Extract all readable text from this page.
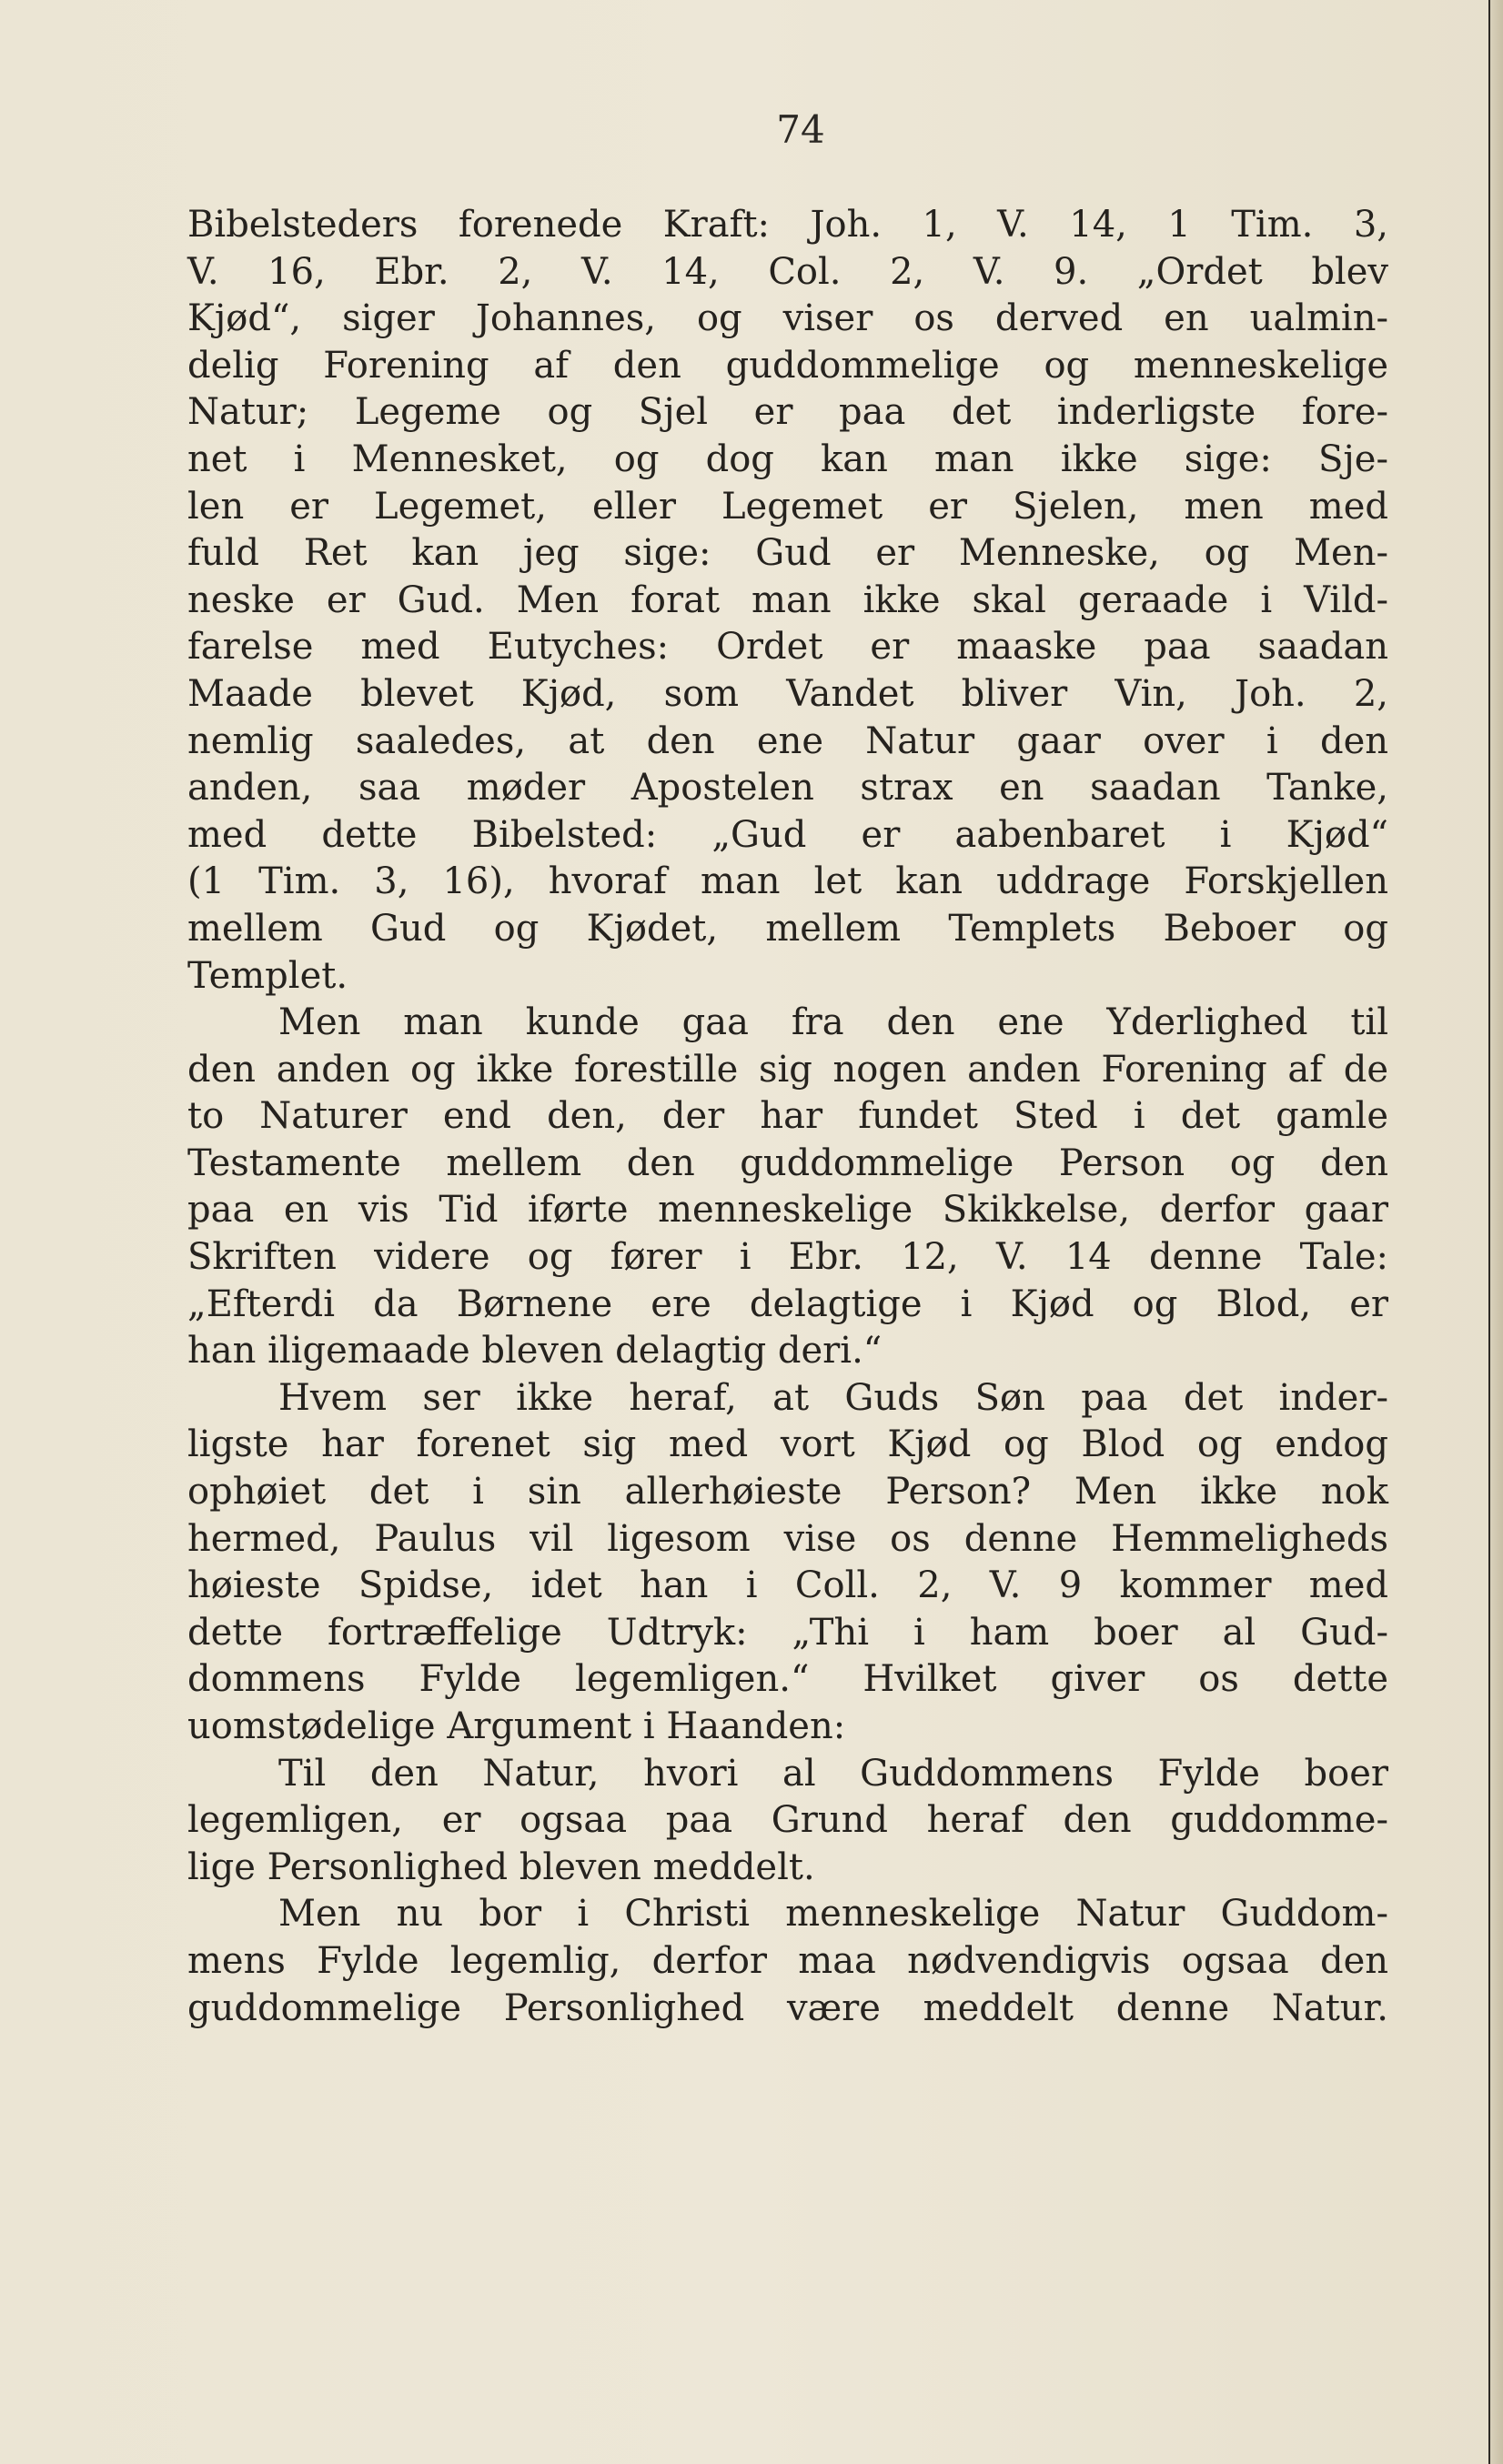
74
Bibelsteders forenede Kraft: Joh. 1, V. 14, 1 Tim. 3,
V. 16, Ebr. 2, V. 14, Col. 2, V. 9. „Ordet blev
Kjød“, siger Johannes, og viser os derved en ualmin-
delig Forening af den guddommelige og menneskelige
Natur; Legeme og Sjel er paa det inderligste fore-
net i Mennesket, og dog kan man ikke sige: Sje-
len er Legemet, eller Legemet er Sjelen, men med
fuld Ret kan jeg sige: Gud er Menneske, og Men-
neske er Gud. Men forat man ikke skal geraade i Vild-
farelse med Eutyches: Ordet er maaske paa saadan
Maade blevet Kjød, som Vandet bliver Vin, Joh. 2,
nemlig saaledes, at den ene Natur gaar over i den
anden, saa møder Apostelen strax en saadan Tanke,
med dette Bibelsted: „Gud er aabenbaret i Kjød“
(1 Tim. 3, 16), hvoraf man let kan uddrage Forskjellen
mellem Gud og Kjødet, mellem Templets Beboer og
Templet.
Men man kunde gaa fra den ene Yderlighed til
den anden og ikke forestille sig nogen anden Forening af de
to Naturer end den, der har fundet Sted i det gamle
Testamente mellem den guddommelige Person og den
paa en vis Tid iførte menneskelige Skikkelse, derfor gaar
Skriften videre og fører i Ebr. 12, V. 14 denne Tale:
„Efterdi da Børnene ere delagtige i Kjød og Blod, er
han iligemaade bleven delagtig deri.“
Hvem ser ikke heraf, at Guds Søn paa det inder-
ligste har forenet sig med vort Kjød og Blod og endog
ophøiet det i sin allerhøieste Person? Men ikke nok
hermed, Paulus vil ligesom vise os denne Hemmeligheds
høieste Spidse, idet han i Coll. 2, V. 9 kommer med
dette fortræffelige Udtryk: „Thi i ham boer al Gud-
dommens Fylde legemligen.“ Hvilket giver os dette
uomstødelige Argument i Haanden:
Til den Natur, hvori al Guddommens Fylde boer
legemligen, er ogsaa paa Grund heraf den guddomme-
lige Personlighed bleven meddelt.
Men nu bor i Christi menneskelige Natur Guddom-
mens Fylde legemlig, derfor maa nødvendigvis ogsaa den
guddommelige Personlighed være meddelt denne Natur.
